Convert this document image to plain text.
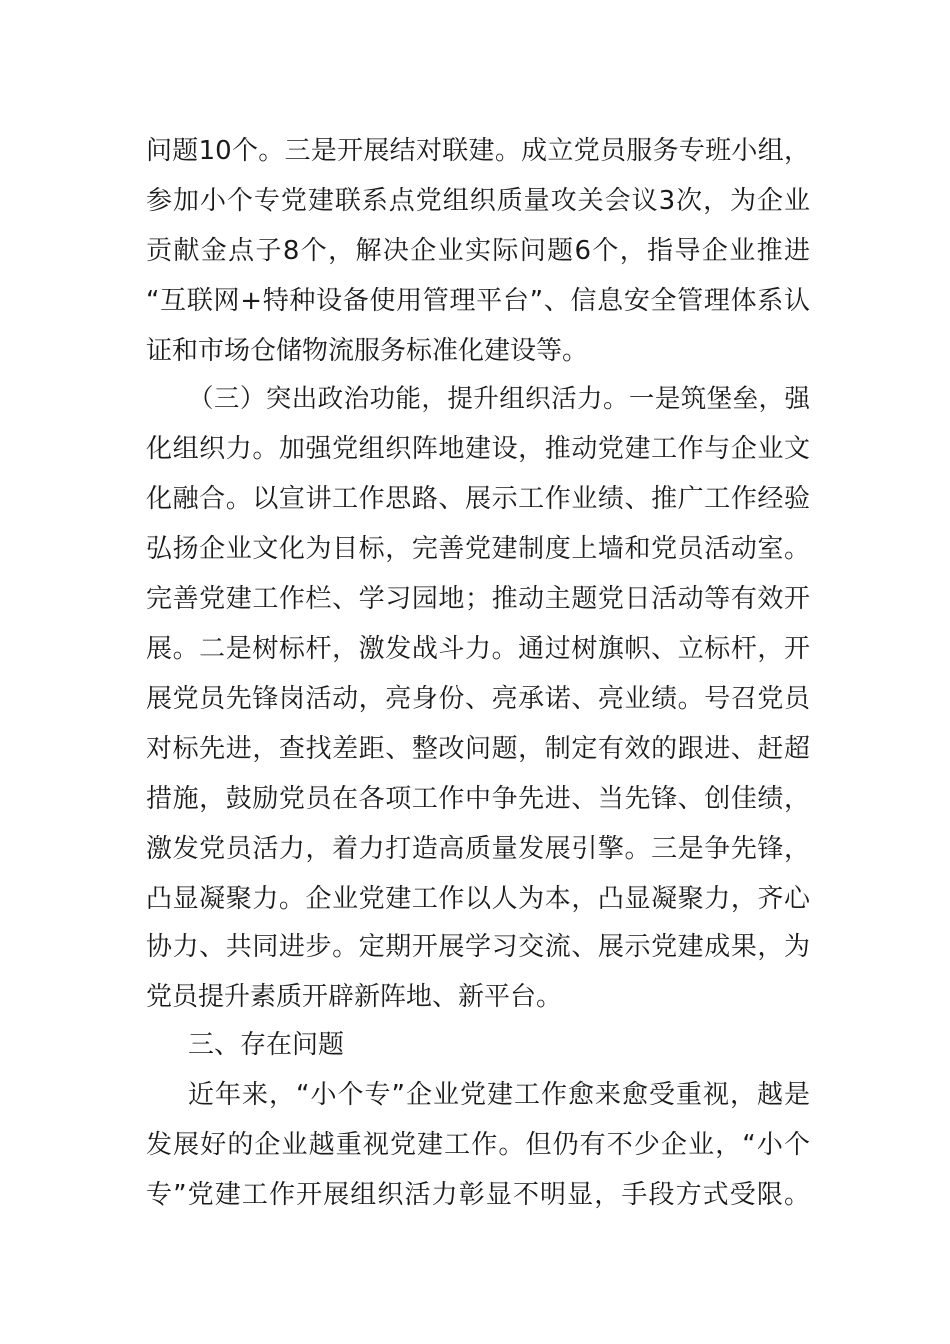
问题10个。三是开展结对联建。成立党员服务专班小组，
参加小个专党建联系点党组织质量攻关会议3次，为企业
贡献金点子8个，解决企业实际问题6个，指导企业推进
“互联网+特种设备使用管理平台”、信息安全管理体系认
证和市场仓储物流服务标准化建设等。
（三）突出政治功能，提升组织活力。一是筑堡垒，强
化组织力。加强党组织阵地建设，推动党建工作与企业文
化融合。以宣讲工作思路、展示工作业绩、推广工作经验
弘扬企业文化为目标，完善党建制度上墙和党员活动室。
完善党建工作栏、学习园地；推动主题党日活动等有效开
展。二是树标杆，激发战斗力。通过树旗帜、立标杆，开
展党员先锋岗活动，亮身份、亮承诺、亮业绩。号召党员
对标先进，查找差距、整改问题，制定有效的跟进、赶超
措施，鼓励党员在各项工作中争先进、当先锋、创佳绩，
激发党员活力，着力打造高质量发展引擎。三是争先锋，
凸显凝聚力。企业党建工作以人为本，凸显凝聚力，齐心
协力、共同进步。定期开展学习交流、展示党建成果，为
党员提升素质开辟新阵地、新平台。
三、存在问题
近年来，“小个专”企业党建工作愈来愈受重视，越是
发展好的企业越重视党建工作。但仍有不少企业，“小个
专”党建工作开展组织活力彰显不明显，手段方式受限。
